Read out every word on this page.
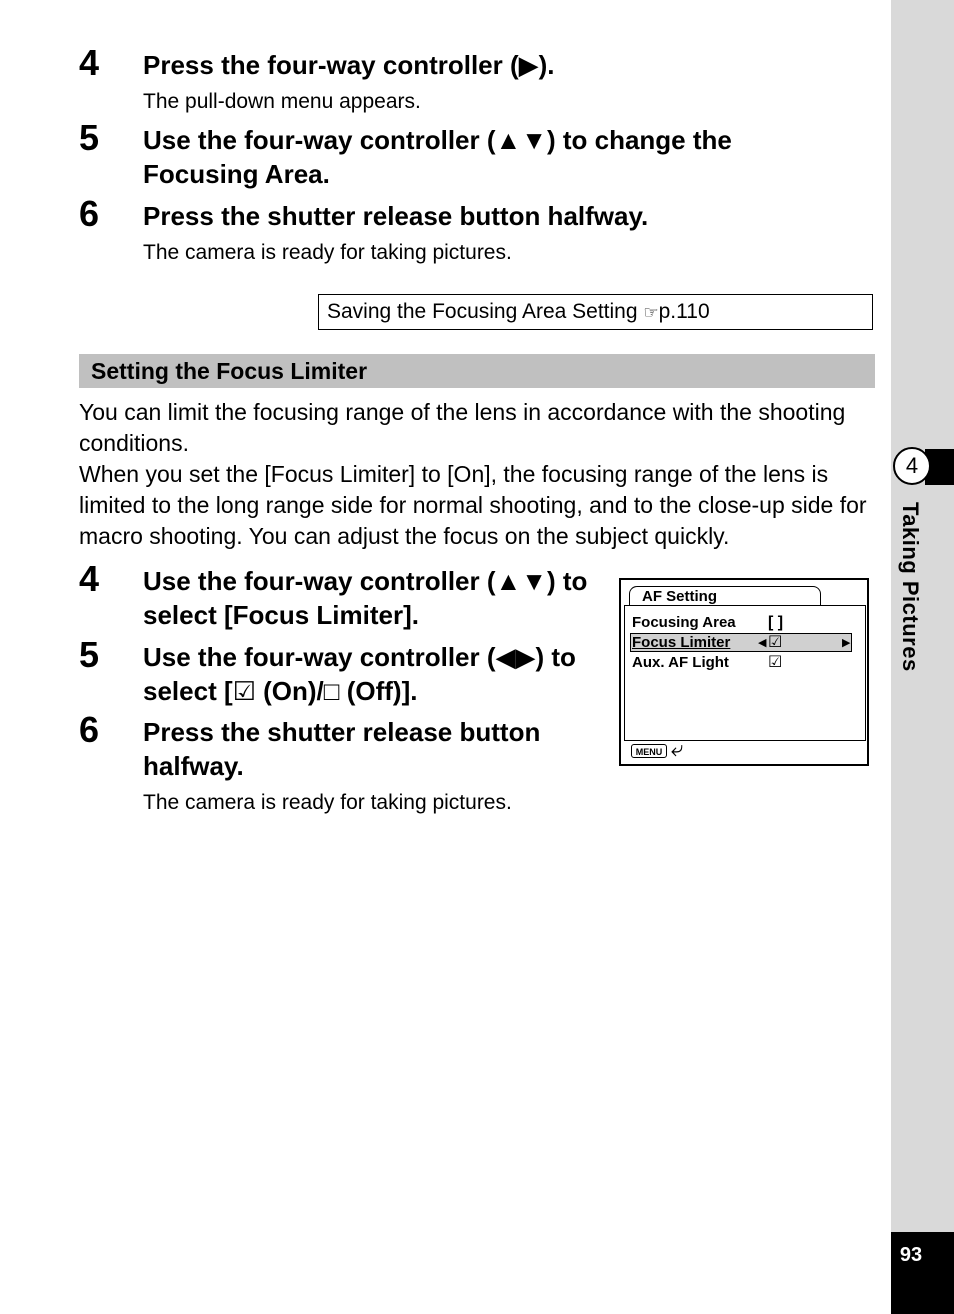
4
Taking Pictures
93
4 Press the four-way controller (▶).
The pull-down menu appears.
5 Use the four-way controller (▲▼) to change the Focusing Area.
6 Press the shutter release button halfway.
The camera is ready for taking pictures.
Saving the Focusing Area Setting ☞p.110
Setting the Focus Limiter
You can limit the focusing range of the lens in accordance with the shooting conditions.
When you set the [Focus Limiter] to [On], the focusing range of the lens is limited to the long range side for normal shooting, and to the close-up side for macro shooting. You can adjust the focus on the subject quickly.
4 Use the four-way controller (▲▼) to select [Focus Limiter].
5 Use the four-way controller (◀▶) to select [☑ (On)/□ (Off)].
6 Press the shutter release button halfway.
The camera is ready for taking pictures.
AF Setting
Focusing Area [ ]
Focus Limiter	◀ ☑	▶
Aux. AF Light ☑
MENU ⤶
